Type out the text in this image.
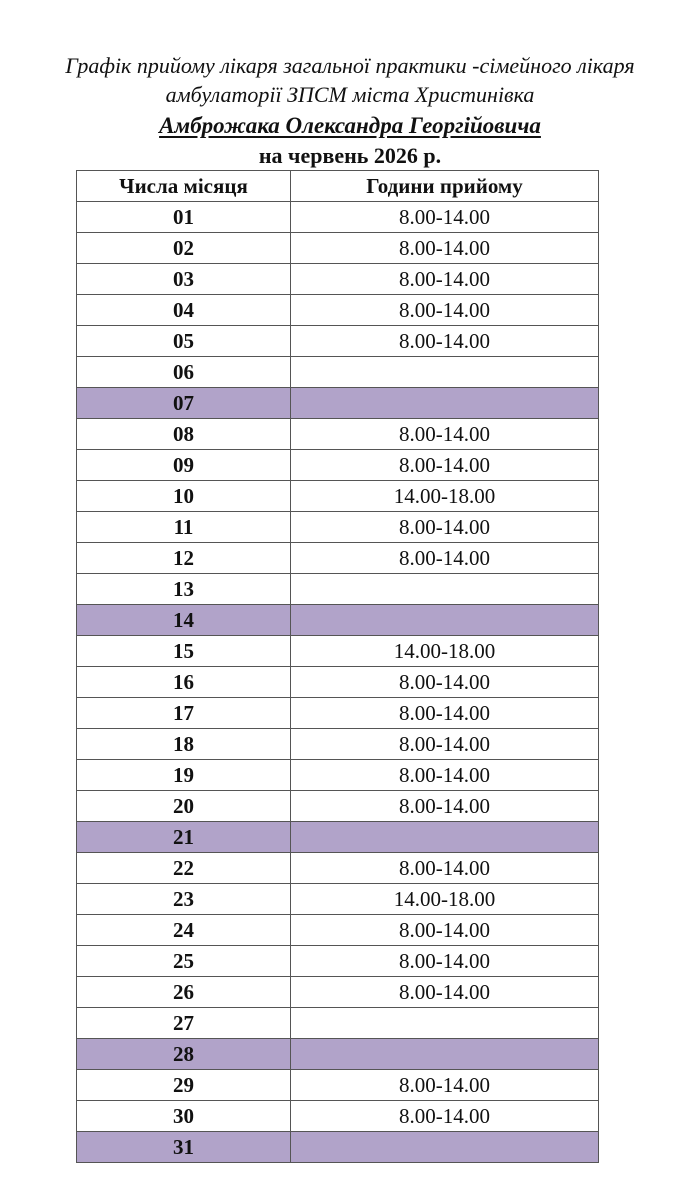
Графік прийому лікаря загальної практики -сімейного лікаря
амбулаторії ЗПСМ міста Христинівка
Амброжака Олександра Георгійовича
на червень 2026 р.
Числа місяця	Години прийому
01	8.00-14.00
02	8.00-14.00
03	8.00-14.00
04	8.00-14.00
05	8.00-14.00
06	
07	
08	8.00-14.00
09	8.00-14.00
10	14.00-18.00
11	8.00-14.00
12	8.00-14.00
13	
14	
15	14.00-18.00
16	8.00-14.00
17	8.00-14.00
18	8.00-14.00
19	8.00-14.00
20	8.00-14.00
21	
22	8.00-14.00
23	14.00-18.00
24	8.00-14.00
25	8.00-14.00
26	8.00-14.00
27	
28	
29	8.00-14.00
30	8.00-14.00
31	
